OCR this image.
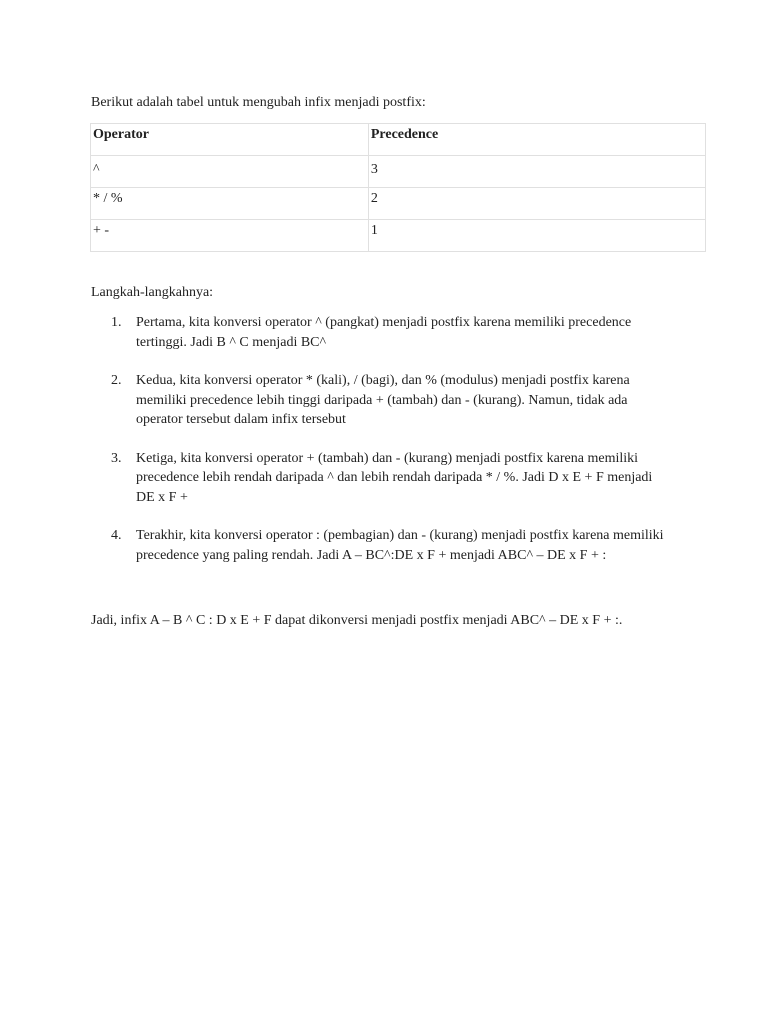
Berikut adalah tabel untuk mengubah infix menjadi postfix:

Operator	Precedence

^	3

* / %	2

+ -	1

Langkah-langkahnya:

1. Pertama, kita konversi operator ^ (pangkat) menjadi postfix karena memiliki precedence tertinggi. Jadi B ^ C menjadi BC^
2. Kedua, kita konversi operator * (kali), / (bagi), dan % (modulus) menjadi postfix karena memiliki precedence lebih tinggi daripada + (tambah) dan - (kurang). Namun, tidak ada operator tersebut dalam infix tersebut
3. Ketiga, kita konversi operator + (tambah) dan - (kurang) menjadi postfix karena memiliki precedence lebih rendah daripada ^ dan lebih rendah daripada * / %. Jadi D x E + F menjadi DE x F +
4. Terakhir, kita konversi operator : (pembagian) dan - (kurang) menjadi postfix karena memiliki precedence yang paling rendah. Jadi A – BC^:DE x F + menjadi ABC^ – DE x F + :

Jadi, infix A – B ^ C : D x E + F dapat dikonversi menjadi postfix menjadi ABC^ – DE x F + :.
